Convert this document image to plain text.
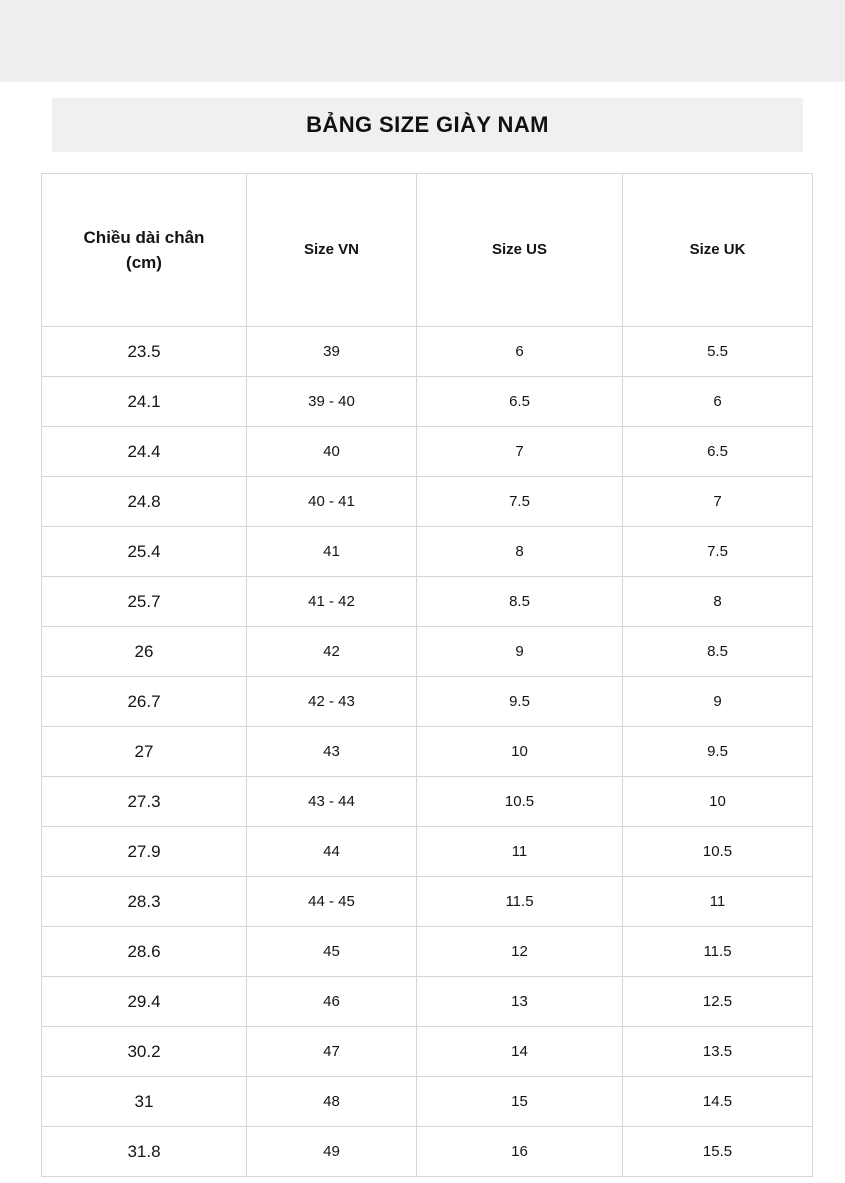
BẢNG SIZE GIÀY NAM
Chiều dài chân
(cm)	Size VN	Size US	Size UK
23.5	39	6	5.5
24.1	39 - 40	6.5	6
24.4	40	7	6.5
24.8	40 - 41	7.5	7
25.4	41	8	7.5
25.7	41 - 42	8.5	8
26	42	9	8.5
26.7	42 - 43	9.5	9
27	43	10	9.5
27.3	43 - 44	10.5	10
27.9	44	11	10.5
28.3	44 - 45	11.5	11
28.6	45	12	11.5
29.4	46	13	12.5
30.2	47	14	13.5
31	48	15	14.5
31.8	49	16	15.5
